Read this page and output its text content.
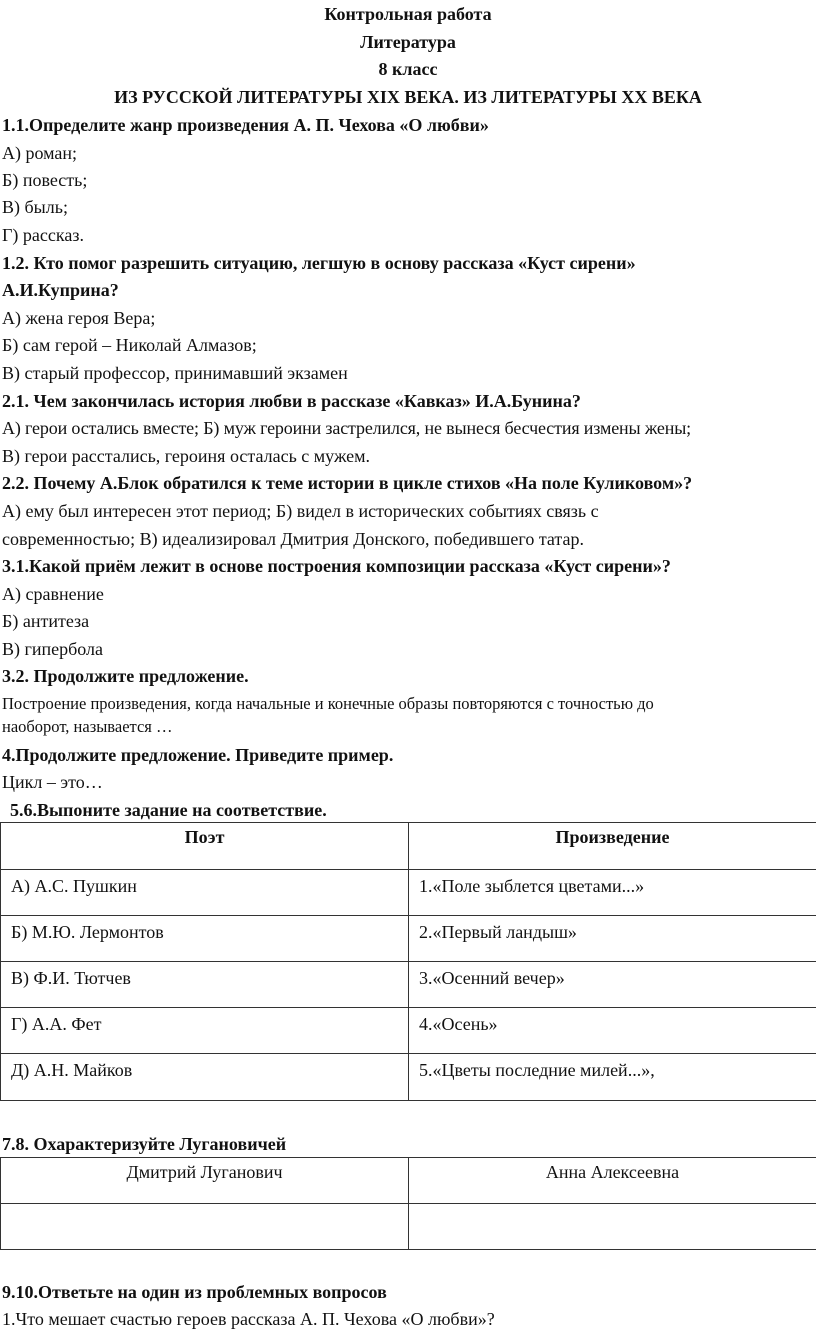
Контрольная работа
Литература
8 класс
ИЗ РУССКОЙ ЛИТЕРАТУРЫ XIX ВЕКА. ИЗ ЛИТЕРАТУРЫ XX ВЕКА
1.1.Определите жанр произведения А. П. Чехова «О любви»
А) роман;
Б) повесть;
В) быль;
Г) рассказ.
1.2. Кто помог разрешить ситуацию, легшую в основу рассказа «Куст сирени»
А.И.Куприна?
А) жена героя Вера;
Б) сам герой – Николай Алмазов;
В) старый профессор, принимавший экзамен
2.1. Чем закончилась история любви в рассказе «Кавказ» И.А.Бунина?
А) герои остались вместе; Б) муж героини застрелился, не вынеся бесчестия измены жены;
В) герои расстались, героиня осталась с мужем.
2.2. Почему А.Блок обратился к теме истории в цикле стихов «На поле Куликовом»?
А) ему был интересен этот период; Б) видел в исторических событиях связь с
современностью; В) идеализировал Дмитрия Донского, победившего татар.
3.1.Какой приём лежит в основе построения композиции рассказа «Куст сирени»?
А) сравнение
Б) антитеза
В) гипербола
3.2. Продолжите предложение.
Построение произведения, когда начальные и конечные образы повторяются с точностью до
наоборот, называется …
4.Продолжите предложение. Приведите пример.
Цикл – это…
5.6.Выпоните задание на соответствие.
Поэт	Произведение
А) А.С. Пушкин	1.«Поле зыблется цветами...»
Б) М.Ю. Лермонтов	2.«Первый ландыш»
В) Ф.И. Тютчев	3.«Осенний вечер»
Г) А.А. Фет	4.«Осень»
Д) А.Н. Майков	5.«Цветы последние милей...»,
7.8. Охарактеризуйте Лугановичей
Дмитрий Луганович	Анна Алексеевна

9.10.Ответьте на один из проблемных вопросов
1.Что мешает счастью героев рассказа А. П. Чехова «О любви»?
